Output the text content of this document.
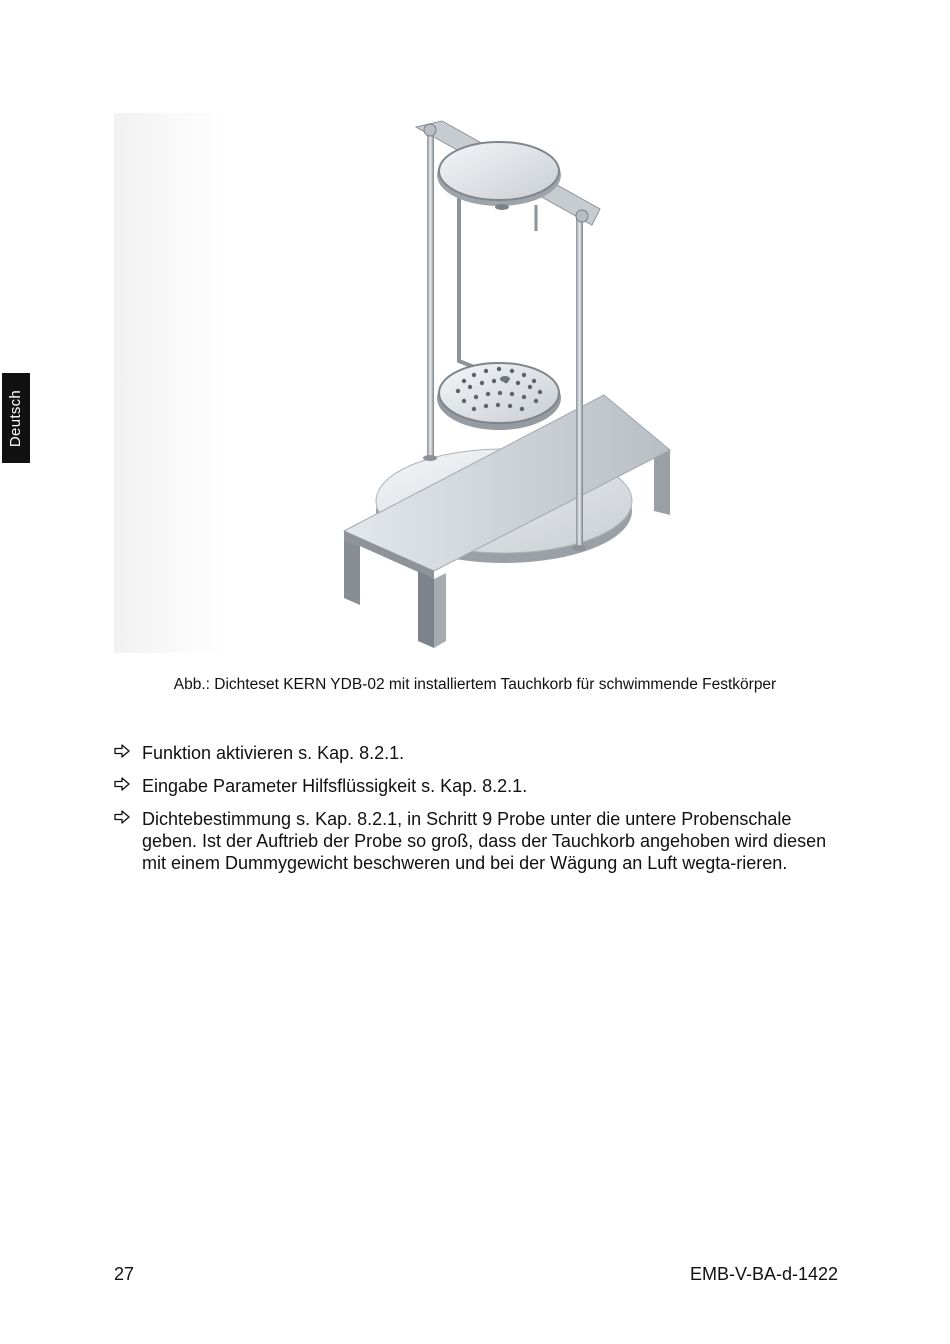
Deutsch
Abb.: Dichteset KERN YDB-02 mit installiertem Tauchkorb für schwimmende Festkörper
Funktion aktivieren s. Kap. 8.2.1.
Eingabe Parameter Hilfsflüssigkeit s. Kap. 8.2.1.
Dichtebestimmung s. Kap. 8.2.1, in Schritt 9 Probe unter die untere Probenschale geben. Ist der Auftrieb der Probe so groß, dass der Tauchkorb angehoben wird diesen mit einem Dummygewicht beschweren und bei der Wägung an Luft wegta-rieren.
27	EMB-V-BA-d-1422
